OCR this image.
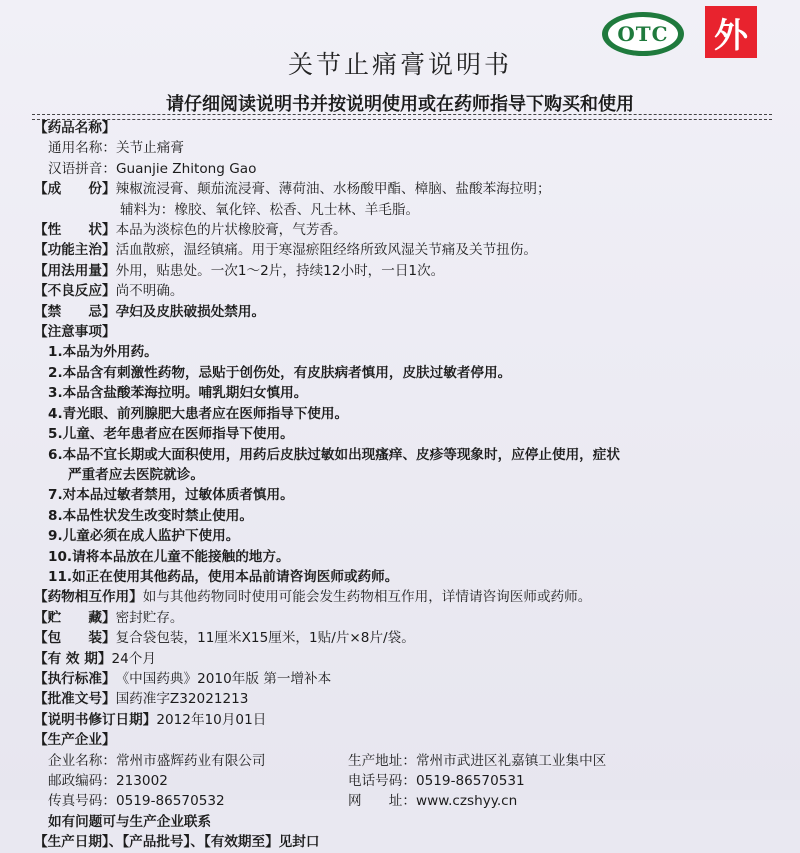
OTC 外
关节止痛膏说明书
请仔细阅读说明书并按说明使用或在药师指导下购买和使用
【药品名称】
通用名称：关节止痛膏
汉语拼音：Guanjie Zhitong Gao
【成　　份】 辣椒流浸膏、颠茄流浸膏、薄荷油、水杨酸甲酯、樟脑、盐酸苯海拉明；
辅料为：橡胶、氧化锌、松香、凡士林、羊毛脂。
【性　　状】 本品为淡棕色的片状橡胶膏，气芳香。
【功能主治】 活血散瘀，温经镇痛。用于寒湿瘀阻经络所致风湿关节痛及关节扭伤。
【用法用量】 外用，贴患处。一次1～2片，持续12小时，一日1次。
【不良反应】 尚不明确。
【禁　　忌】 孕妇及皮肤破损处禁用。
【注意事项】
1.本品为外用药。
2.本品含有刺激性药物，忌贴于创伤处，有皮肤病者慎用，皮肤过敏者停用。
3.本品含盐酸苯海拉明。哺乳期妇女慎用。
4.青光眼、前列腺肥大患者应在医师指导下使用。
5.儿童、老年患者应在医师指导下使用。
6.本品不宜长期或大面积使用，用药后皮肤过敏如出现瘙痒、皮疹等现象时，应停止使用，症状
严重者应去医院就诊。
7.对本品过敏者禁用，过敏体质者慎用。
8.本品性状发生改变时禁止使用。
9.儿童必须在成人监护下使用。
10.请将本品放在儿童不能接触的地方。
11.如正在使用其他药品，使用本品前请咨询医师或药师。
【药物相互作用】 如与其他药物同时使用可能会发生药物相互作用，详情请咨询医师或药师。
【贮　　藏】 密封贮存。
【包　　装】 复合袋包装，11厘米X15厘米，1贴/片×8片/袋。
【有 效 期】 24个月
【执行标准】 《中国药典》2010年版 第一增补本
【批准文号】 国药准字Z32021213
【说明书修订日期】 2012年10月01日
【生产企业】
企业名称：常州市盛辉药业有限公司	生产地址：常州市武进区礼嘉镇工业集中区
邮政编码：213002	电话号码：0519-86570531
传真号码：0519-86570532	网　　址：www.czshyy.cn
如有问题可与生产企业联系
【生产日期】、【产品批号】、【有效期至】见封口
